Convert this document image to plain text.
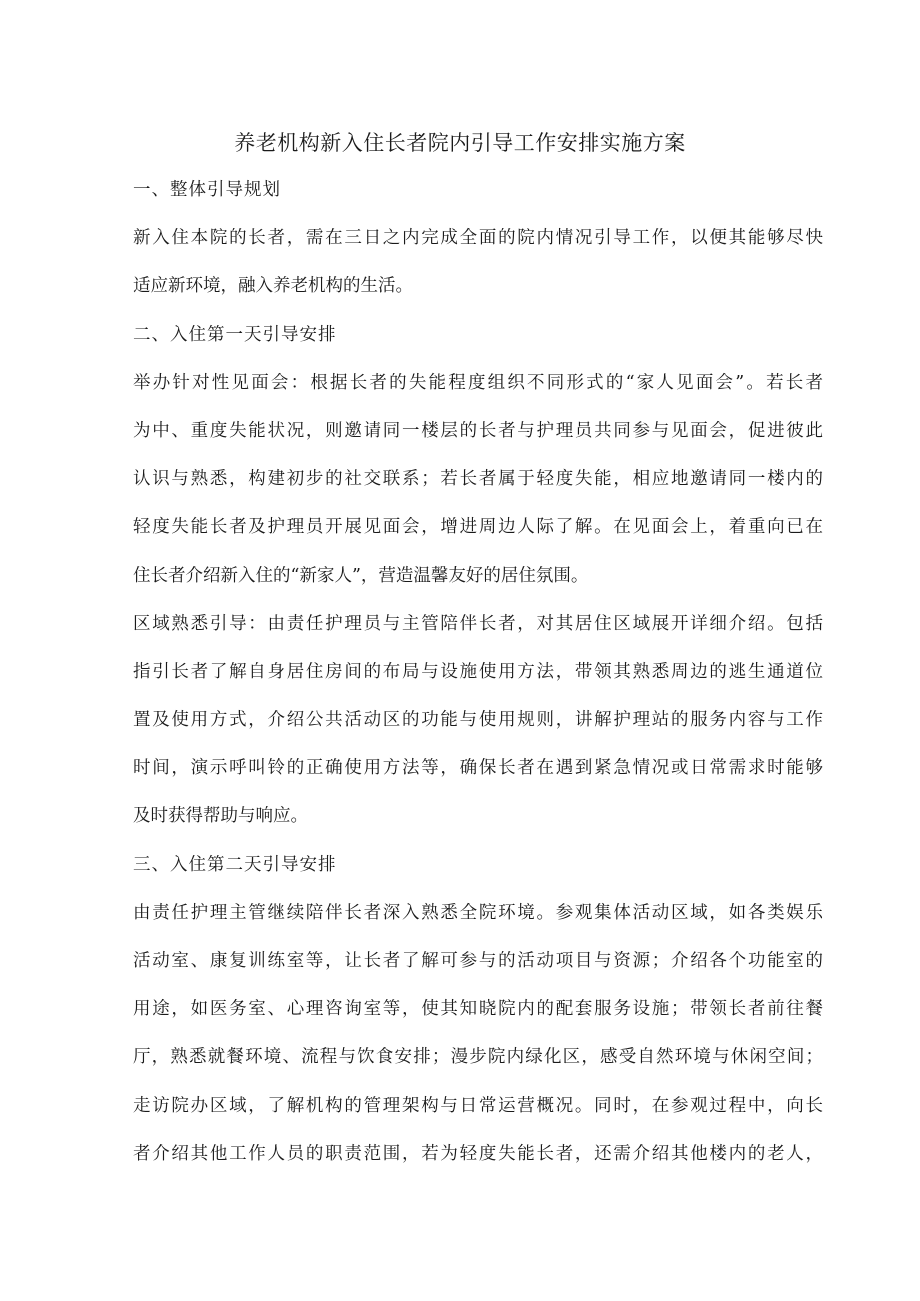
养老机构新入住长者院内引导工作安排实施方案
一、整体引导规划
新入住本院的长者，需在三日之内完成全面的院内情况引导工作，以便其能够尽快
适应新环境，融入养老机构的生活。
二、入住第一天引导安排
举办针对性见面会：根据长者的失能程度组织不同形式的“家人见面会”。若长者
为中、重度失能状况，则邀请同一楼层的长者与护理员共同参与见面会，促进彼此
认识与熟悉，构建初步的社交联系；若长者属于轻度失能，相应地邀请同一楼内的
轻度失能长者及护理员开展见面会，增进周边人际了解。在见面会上，着重向已在
住长者介绍新入住的“新家人”，营造温馨友好的居住氛围。
区域熟悉引导：由责任护理员与主管陪伴长者，对其居住区域展开详细介绍。包括
指引长者了解自身居住房间的布局与设施使用方法，带领其熟悉周边的逃生通道位
置及使用方式，介绍公共活动区的功能与使用规则，讲解护理站的服务内容与工作
时间，演示呼叫铃的正确使用方法等，确保长者在遇到紧急情况或日常需求时能够
及时获得帮助与响应。
三、入住第二天引导安排
由责任护理主管继续陪伴长者深入熟悉全院环境。参观集体活动区域，如各类娱乐
活动室、康复训练室等，让长者了解可参与的活动项目与资源；介绍各个功能室的
用途，如医务室、心理咨询室等，使其知晓院内的配套服务设施；带领长者前往餐
厅，熟悉就餐环境、流程与饮食安排；漫步院内绿化区，感受自然环境与休闲空间；
走访院办区域，了解机构的管理架构与日常运营概况。同时，在参观过程中，向长
者介绍其他工作人员的职责范围，若为轻度失能长者，还需介绍其他楼内的老人，
